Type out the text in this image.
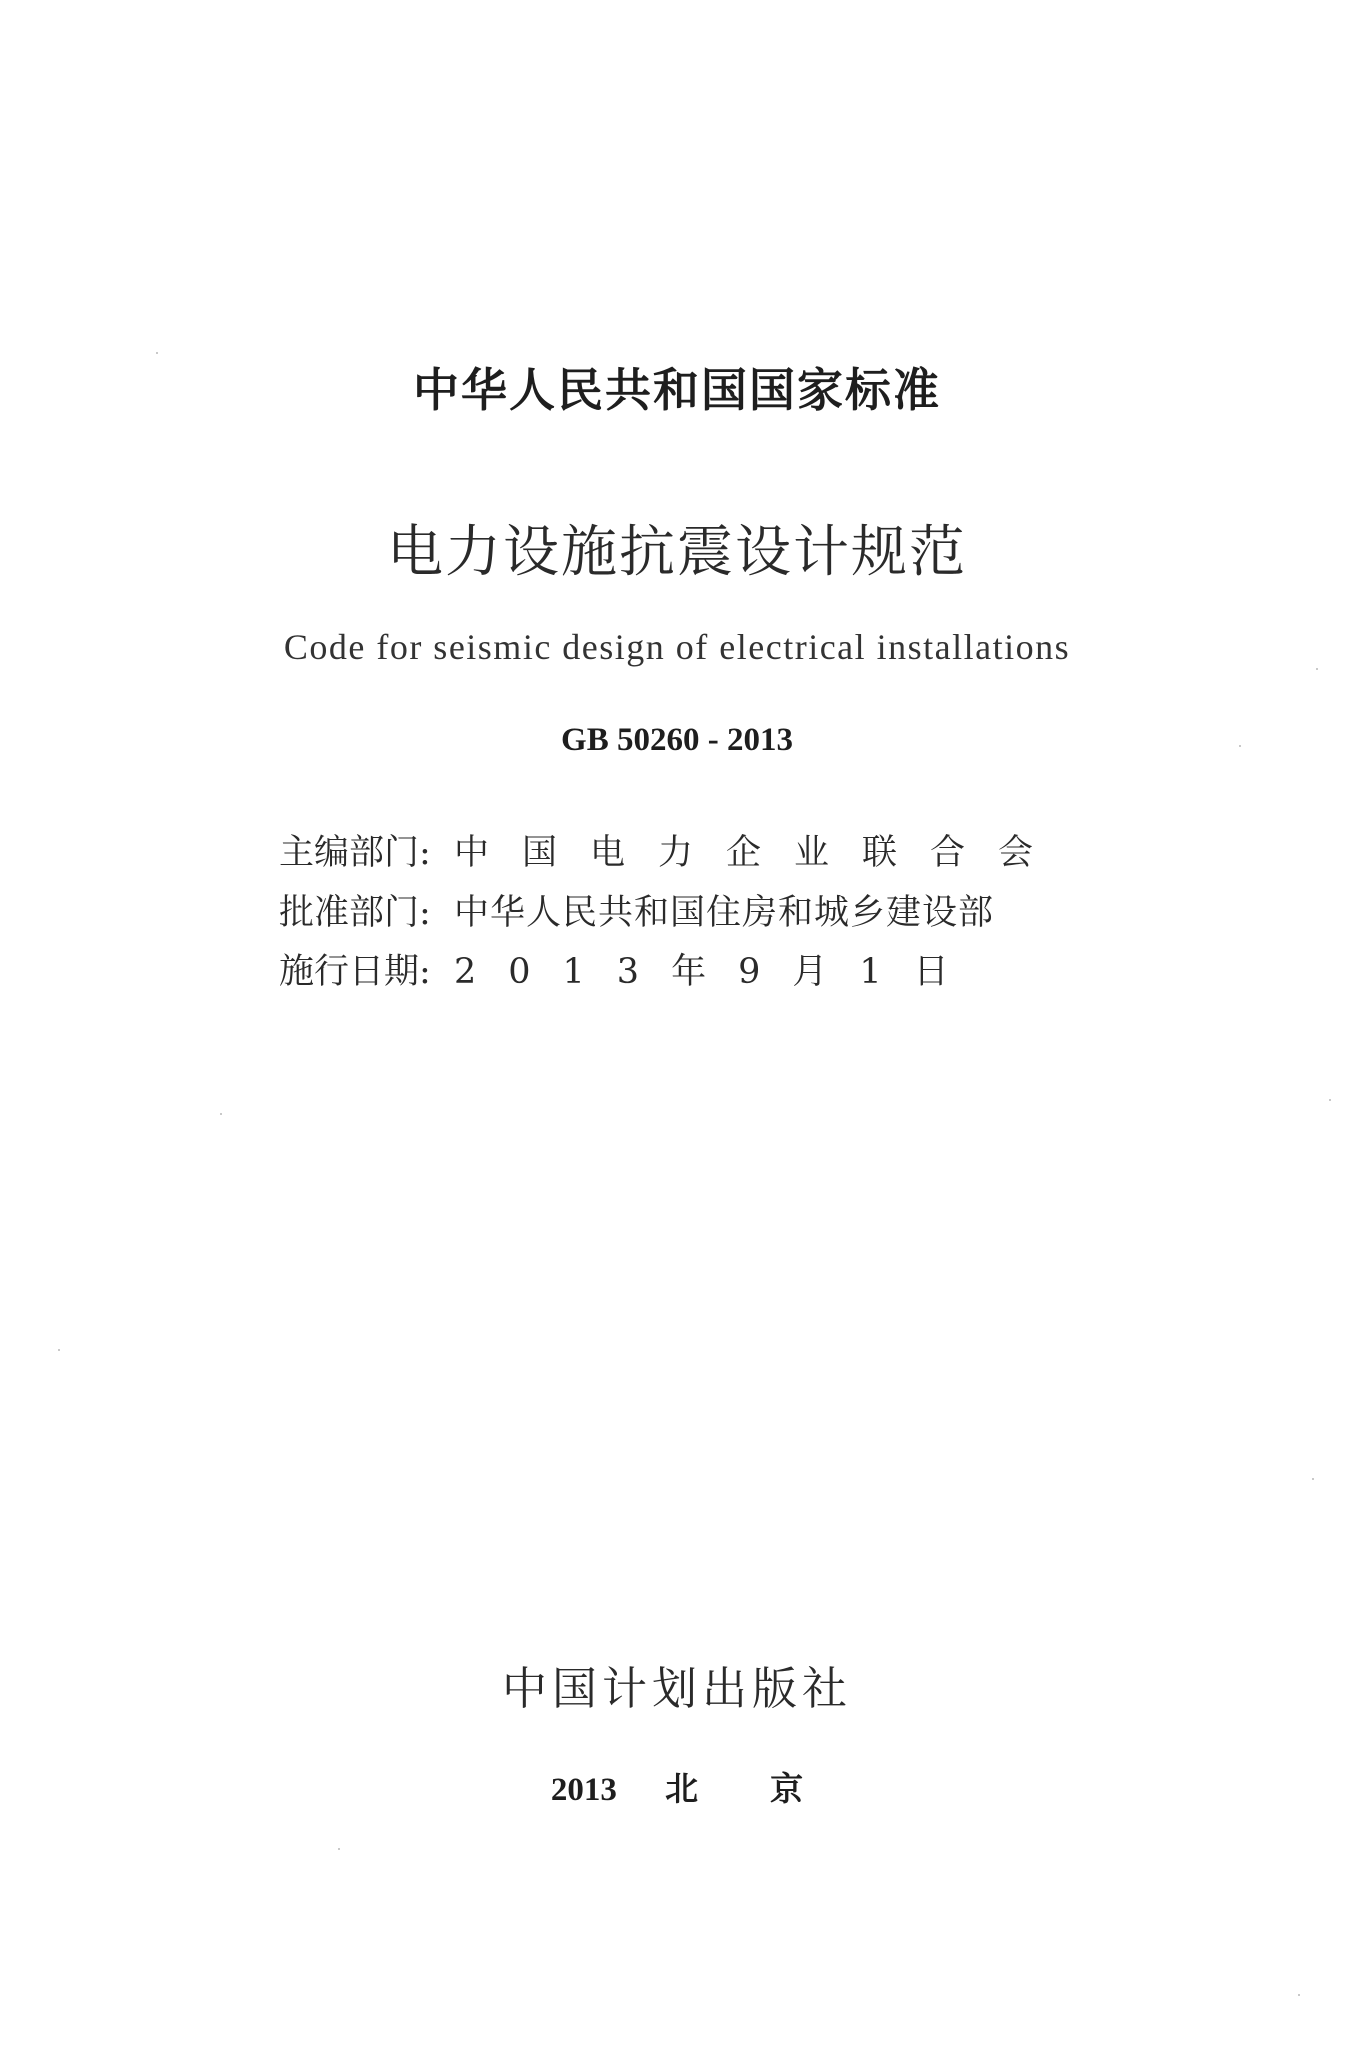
中华人民共和国国家标准
电力设施抗震设计规范
Code for seismic design of electrical installations
GB 50260 - 2013
主编部门: 中国电力企业联合会
批准部门: 中华人民共和国住房和城乡建设部
施行日期: 2013年9月1日
中国计划出版社
2013 北京
